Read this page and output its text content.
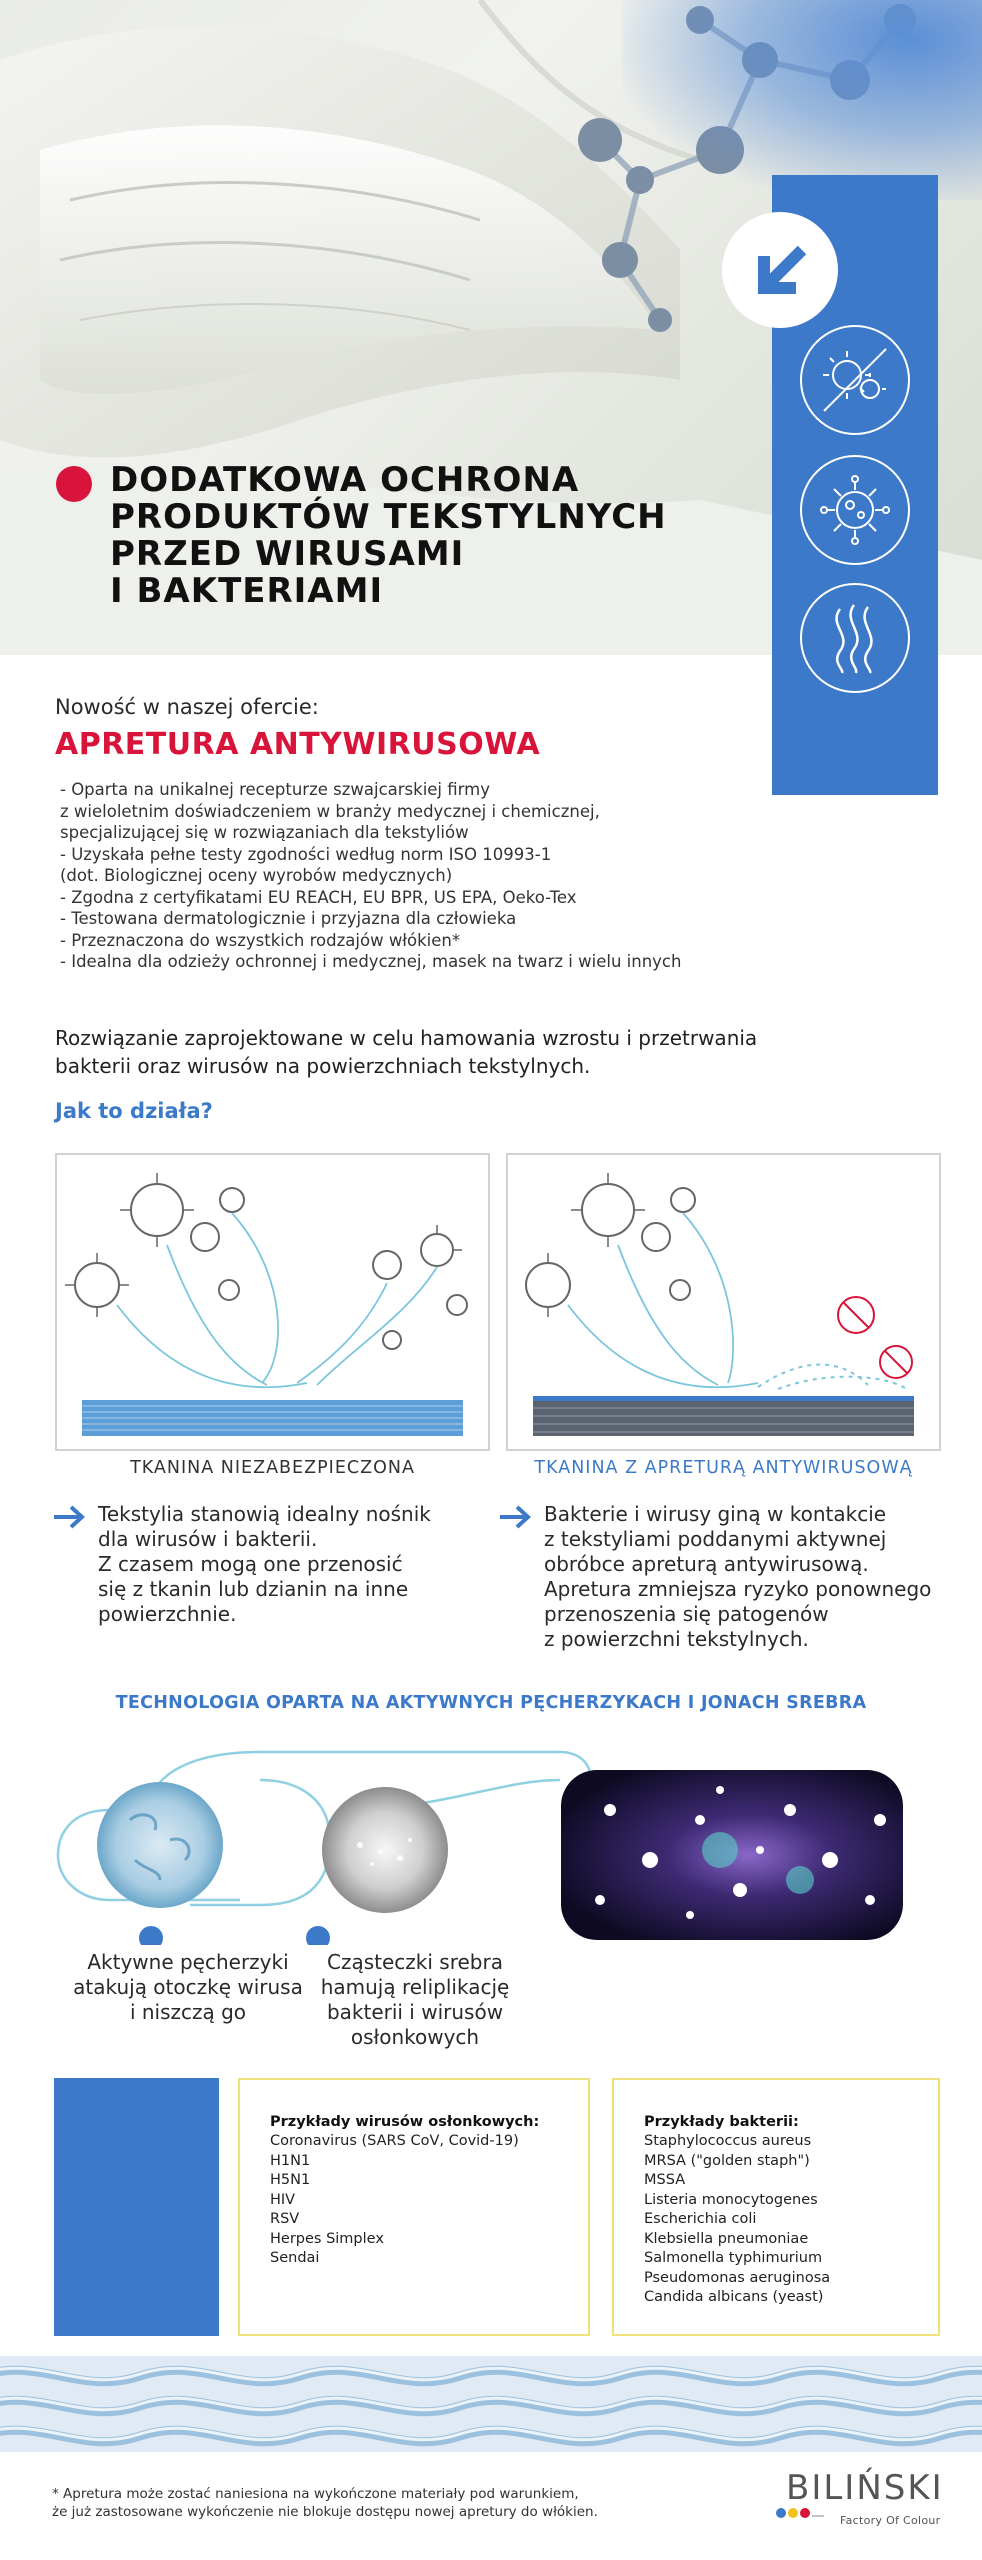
DODATKOWA OCHRONA
PRODUKTÓW TEKSTYLNYCH
PRZED WIRUSAMI
I BAKTERIAMI
Nowość w naszej ofercie:
APRETURA ANTYWIRUSOWA
- Oparta na unikalnej recepturze szwajcarskiej firmy
z wieloletnim doświadczeniem w branży medycznej i chemicznej,
specjalizującej się w rozwiązaniach dla tekstyliów
- Uzyskała pełne testy zgodności według norm ISO 10993-1
(dot. Biologicznej oceny wyrobów medycznych)
- Zgodna z certyfikatami EU REACH, EU BPR, US EPA, Oeko-Tex
- Testowana dermatologicznie i przyjazna dla człowieka
- Przeznaczona do wszystkich rodzajów włókien*
- Idealna dla odzieży ochronnej i medycznej, masek na twarz i wielu innych
Rozwiązanie zaprojektowane w celu hamowania wzrostu i przetrwania
bakterii oraz wirusów na powierzchniach tekstylnych.
Jak to działa?
TKANINA NIEZABEZPIECZONA	TKANINA Z APRETURĄ ANTYWIRUSOWĄ
Tekstylia stanowią idealny nośnik
dla wirusów i bakterii.
Z czasem mogą one przenosić
się z tkanin lub dzianin na inne
powierzchnie.
Bakterie i wirusy giną w kontakcie
z tekstyliami poddanymi aktywnej
obróbce apreturą antywirusową.
Apretura zmniejsza ryzyko ponownego
przenoszenia się patogenów
z powierzchni tekstylnych.
TECHNOLOGIA OPARTA NA AKTYWNYCH PĘCHERZYKACH I JONACH SREBRA
Aktywne pęcherzyki
atakują otoczkę wirusa
i niszczą go
Cząsteczki srebra
hamują reliplikację
bakterii i wirusów
osłonkowych
Przykłady wirusów osłonkowych:
Coronavirus (SARS CoV, Covid-19)
H1N1
H5N1
HIV
RSV
Herpes Simplex
Sendai
Przykłady bakterii:
Staphylococcus aureus
MRSA ("golden staph")
MSSA
Listeria monocytogenes
Escherichia coli
Klebsiella pneumoniae
Salmonella typhimurium
Pseudomonas aeruginosa
Candida albicans (yeast)
* Apretura może zostać naniesiona na wykończone materiały pod warunkiem,
że już zastosowane wykończenie nie blokuje dostępu nowej apretury do włókien.
BILIŃSKI
Factory Of Colour
